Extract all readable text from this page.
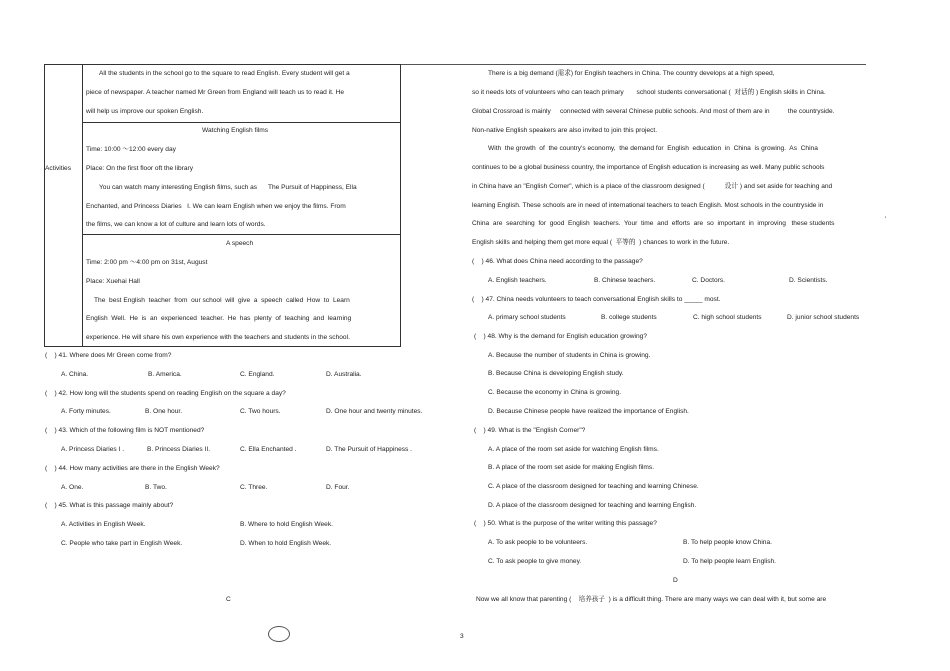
Activities
All the students in the school go to the square to read English. Every student will get a
piece of newspaper. A teacher named Mr Green from England will teach us to read it. He
will help us improve our spoken English.
Watching English films
Time: 10:00 ～12:00 every day
Place: On the first floor oft the library
You can watch many interesting English films, such as      The Pursuit of Happiness, Ella
Enchanted, and Princess Diaries   I. We can learn English when we enjoy the films. From
the films, we can know a lot of culture and learn lots of words.
A speech
Time: 2:00 pm ～4:00 pm on 31st, August
Place: Xuehai Hall
The  best English  teacher  from  our school  will  give  a  speech  called  How  to  Learn
English  Well.  He  is  an  experienced  teacher.  He  has  plenty  of  teaching  and  learning
experience. He will share his own experience with the teachers and students in the school.
(    ) 41. Where does Mr Green come from?
A. China.	B. America.	C. England.	D. Australia.
(    ) 42. How long will the students spend on reading English on the square a day?
A. Forty minutes.	B. One hour.	C. Two hours.	D. One hour and twenty minutes.
(    ) 43. Which of the following film is NOT mentioned?
A. Princess Diaries I .	B. Princess Diaries II.	C. Ella Enchanted .	D. The Pursuit of Happiness .
(    ) 44. How many activities are there in the English Week?
A. One.	B. Two.	C. Three.	D. Four.
(    ) 45. What is this passage mainly about?
A. Activities in English Week.	B. Where to hold English Week.
C. People who take part in English Week.	D. When to hold English Week.
C
There is a big demand (需求) for English teachers in China. The country develops at a high speed,
so it needs lots of volunteers who can teach primary       school students conversational (  对话的 ) English skills in China.
Global Crossroad is mainly     connected with several Chinese public schools. And most of them are in          the countryside.
Non-native English speakers are also invited to join this project.
With  the growth  of  the country's economy,  the demand for  English  education  in  China  is growing.  As  China
continues to be a global business country, the importance of English education is increasing as well. Many public schools
in China have an "English Corner", which is a place of the classroom designed (           设计 ) and set aside for teaching and
learning English. These schools are in need of international teachers to teach English. Most schools in the countryside in
China  are  searching  for  good  English  teachers.  Your  time  and  efforts  are  so  important  in  improving   these students
'
English skills and helping them get more equal (  平等的  ) chances to work in the future.
(    ) 46. What does China need according to the passage?
A. English teachers.	B. Chinese teachers.	C. Doctors.	D. Scientists.
(    ) 47. China needs volunteers to teach conversational English skills to _____ most.
A. primary school students	B. college students	C. high school students	D. junior school students
(    ) 48. Why is the demand for English education growing?
A. Because the number of students in China is growing.
B. Because China is developing English study.
C. Because the economy in China is growing.
D. Because Chinese people have realized the importance of English.
(    ) 49. What is the "English Corner"?
A. A place of the room set aside for watching English films.
B. A place of the room set aside for making English films.
C. A place of the classroom designed for teaching and learning Chinese.
D. A place of the classroom designed for teaching and learning English.
(    ) 50. What is the purpose of the writer writing this passage?
A. To ask people to be volunteers.	B. To help people know China.
C. To ask people to give money.	D. To help people learn English.
D
Now we all know that parenting (    培养孩子  ) is a difficult thing. There are many ways we can deal with it, but some are
3
